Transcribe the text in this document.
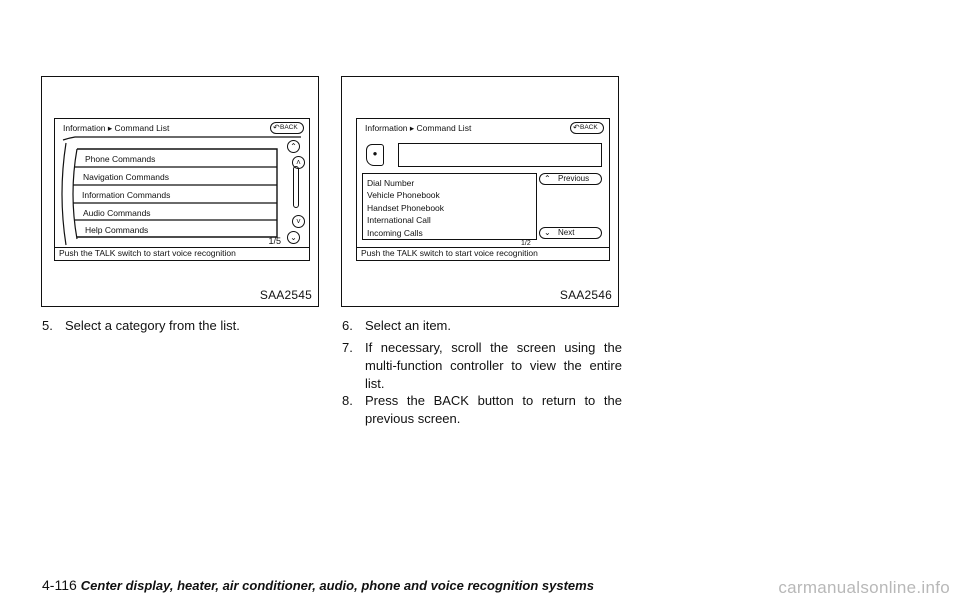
Information ▸ Command List	↶ BACK
Phone Commands
Navigation Commands
Information Commands
Audio Commands
Help Commands
1/5
⌃
˄
˅
⌄
Push the TALK switch to start voice recognition
SAA2545
Information ▸ Command List	↶ BACK
●
Dial Number
Vehicle Phonebook
Handset Phonebook
International Call
Incoming Calls
1/2
⌃ Previous
⌄ Next
Push the TALK switch to start voice recognition
SAA2546
5. Select a category from the list.	6. Select an item.
7. If necessary, scroll the screen using the multi-function controller to view the entire list.
8. Press the BACK button to return to the previous screen.
4-116 Center display, heater, air conditioner, audio, phone and voice recognition systems	carmanualsonline.info
